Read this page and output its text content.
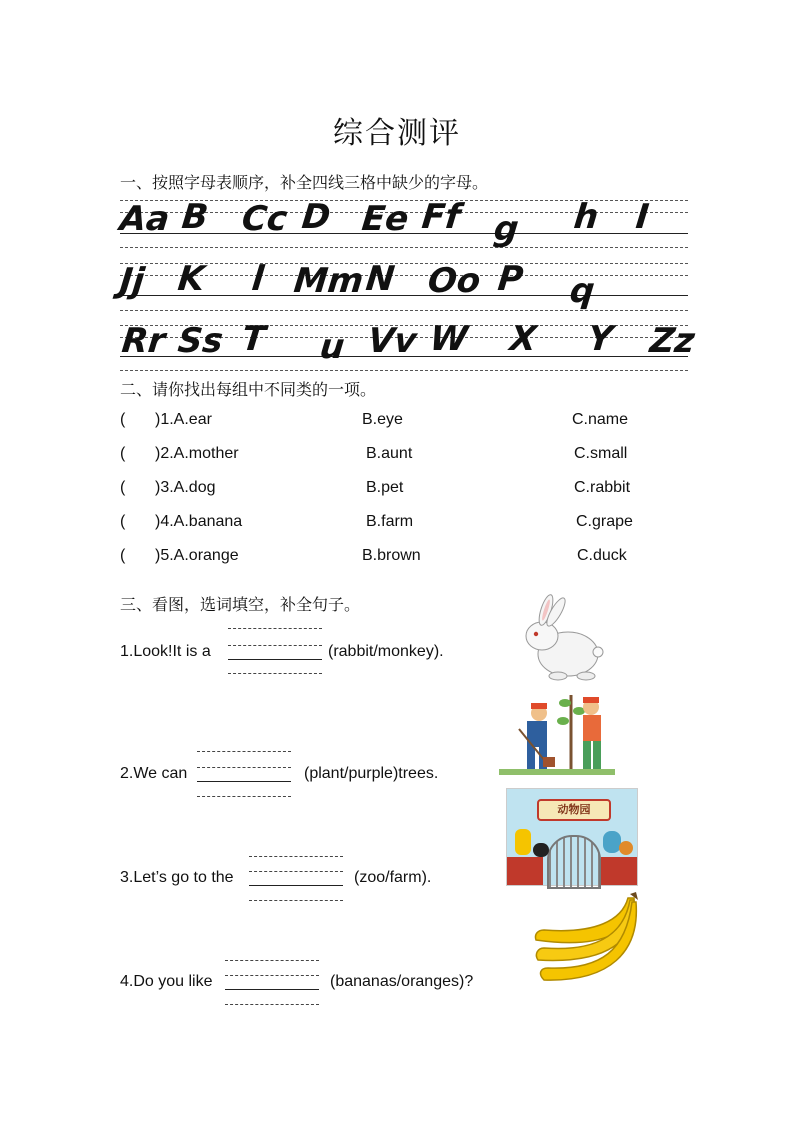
综合测评
一、按照字母表顺序，补全四线三格中缺少的字母。
Aa B Cc D Ee Ff g h I
Jj K l Mm
N Oo P q
Rr Ss T u Vv W X Y Zz
二、请你找出每组中不同类的一项。
( )1.A.ear	B.eye	C.name
( )2.A.mother	B.aunt	C.small
( )3.A.dog	B.pet	C.rabbit
( )4.A.banana	B.farm	C.grape
( )5.A.orange	B.brown	C.duck
三、看图，选词填空，补全句子。
1.Look!It is a	(rabbit/monkey).
2.We can	(plant/purple)trees.
3.Let’s go to the	(zoo/farm).
4.Do you like	(bananas/oranges)?
动物园
